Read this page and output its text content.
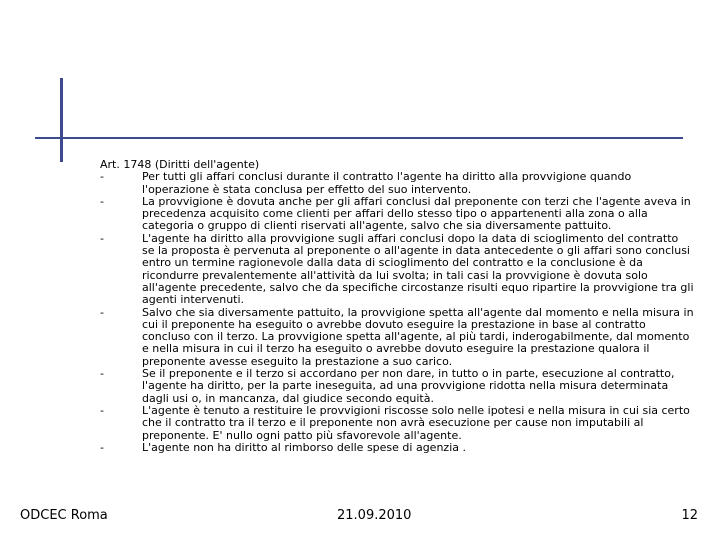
Art. 1748 (Diritti dell'agente)
-	Per tutti gli affari conclusi durante il contratto l'agente ha diritto alla provvigione quando l'operazione è stata conclusa per effetto del suo intervento.
-	La provvigione è dovuta anche per gli affari conclusi dal preponente con terzi che l'agente aveva in precedenza acquisito come clienti per affari dello stesso tipo o appartenenti alla zona o alla categoria o gruppo di clienti riservati all'agente, salvo che sia diversamente pattuito.
-	L'agente ha diritto alla provvigione sugli affari conclusi dopo la data di scioglimento del contratto se la proposta è pervenuta al preponente o all'agente in data antecedente o gli affari sono conclusi entro un termine ragionevole dalla data di scioglimento del contratto e la conclusione è da ricondurre prevalentemente all'attività da lui svolta; in tali casi la provvigione è dovuta solo all'agente precedente, salvo che da specifiche circostanze risulti equo ripartire la provvigione tra gli agenti intervenuti.
-	Salvo che sia diversamente pattuito, la provvigione spetta all'agente dal momento e nella misura in cui il preponente ha eseguito o avrebbe dovuto eseguire la prestazione in base al contratto concluso con il terzo. La provvigione spetta all'agente, al più tardi, inderogabilmente, dal momento e nella misura in cui il terzo ha eseguito o avrebbe dovuto eseguire la prestazione qualora il preponente avesse eseguito la prestazione a suo carico.
-	Se il preponente e il terzo si accordano per non dare, in tutto o in parte, esecuzione al contratto, l'agente ha diritto, per la parte ineseguita, ad una provvigione ridotta nella misura determinata dagli usi o, in mancanza, dal giudice secondo equità.
-	L'agente è tenuto a restituire le provvigioni riscosse solo nelle ipotesi e nella misura in cui sia certo che il contratto tra il terzo e il preponente non avrà esecuzione per cause non imputabili al preponente. E' nullo ogni patto più sfavorevole all'agente.
-	L'agente non ha diritto al rimborso delle spese di agenzia .
ODCEC Roma	21.09.2010	12
